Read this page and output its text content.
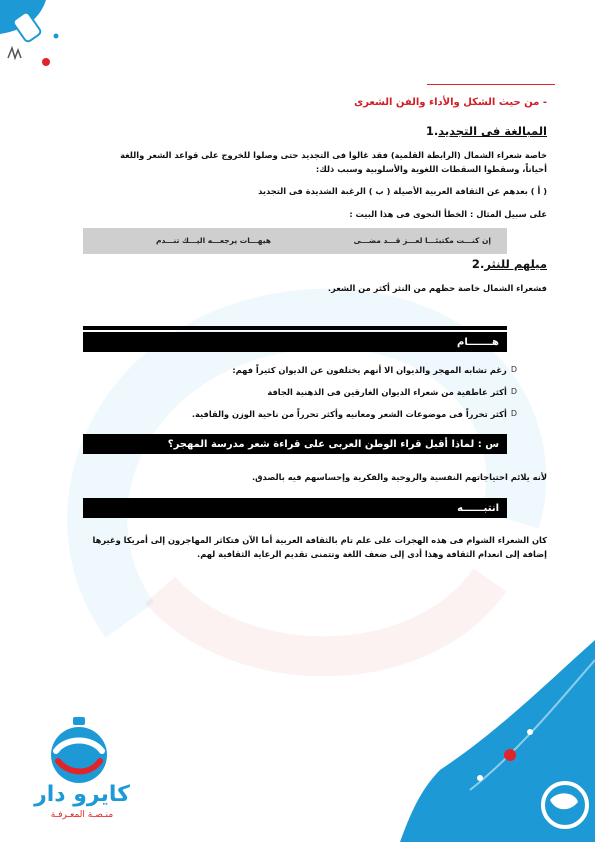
- من حيث الشكل والأداء والفن الشعرى
المبالغة فى التجديد.1
خاصة شعراء الشمال (الرابطة القلمية) فقد غالوا فى التجديد حتى وصلوا للخروج على قواعد الشعر واللغة أحياناً، وسقطوا السقطات اللغوية والأسلوبية وسبب ذلك:
( أ ) بعدهم عن الثقافة العربية الأصيلة ( ب ) الرغبة الشديدة فى التجديد
على سبيل المثال : الخطأ النحوى فى هذا البيت :
إن كنـــت مكتبئـــا لعـــز قـــد مضـــى
هيهـــات يرجعـــه اليـــك تنـــدم
ميلهم للنثر.2
فشعراء الشمال خاصة حظهم من النثر أكثر من الشعر.
هـــــــام
D
رغم تشابه المهجر والديوان الا أنهم يختلفون عن الديوان كثيراً فهم:
D
أكثر عاطفية من شعراء الديوان الغارقين فى الذهنية الجافة
D
أكثر تحرراً فى موضوعات الشعر ومعانيه وأكثر تحرراً من ناحية الوزن والقافية.
س : لماذا أقبل قراء الوطن العربى على قراءة شعر مدرسة المهجر؟
لأنه يلائم احتياجاتهم النفسية والروحية والفكرية وإحساسهم فيه بالصدق.
انتبــــــه
كان الشعراء الشوام فى هذه الهجرات على علم تام بالثقافة العربية أما الآن فتكاثر المهاجرون إلى أمريكا وغيرها إضافة إلى انعدام الثقافة وهذا أدى إلى ضعف اللغة وتتمنى تقديم الرعاية الثقافية لهم.
كايرو دار
منـصـة المعـرفـة
